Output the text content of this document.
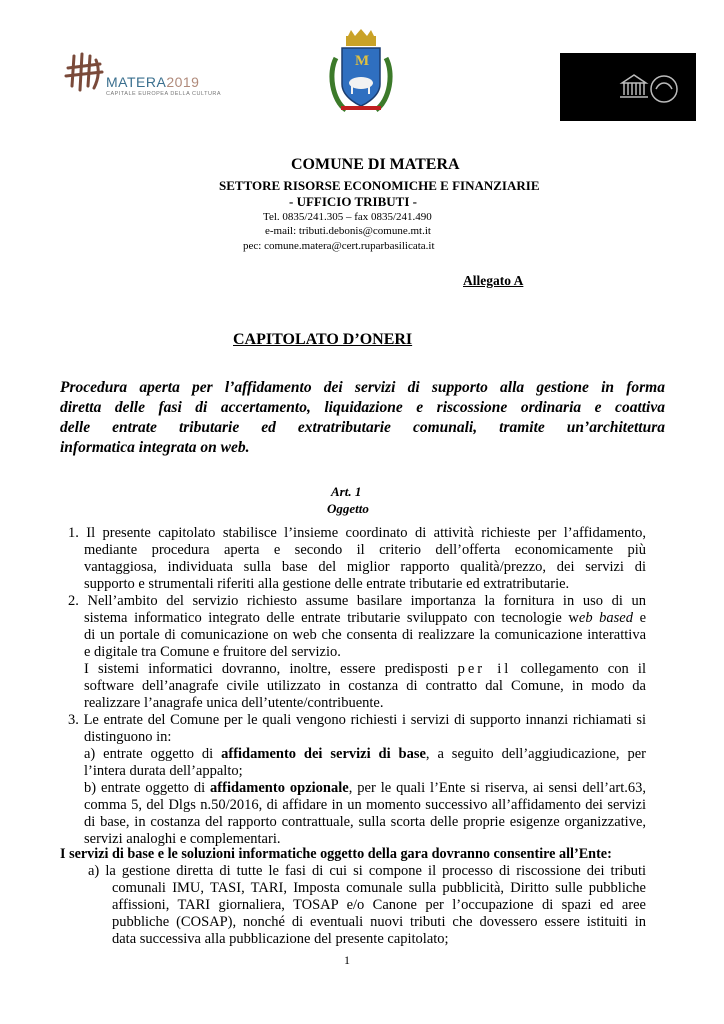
MATERA2019
CAPITALE EUROPEA DELLA CULTURA
M
COMUNE DI MATERA
SETTORE RISORSE ECONOMICHE E FINANZIARIE
- UFFICIO TRIBUTI -
Tel. 0835/241.305 – fax 0835/241.490
e-mail: tributi.debonis@comune.mt.it
pec: comune.matera@cert.ruparbasilicata.it
Allegato A
CAPITOLATO D’ONERI
Procedura aperta per l’affidamento dei servizi di supporto alla gestione in forma
diretta delle fasi di accertamento, liquidazione e riscossione ordinaria e coattiva
delle entrate tributarie ed extratributarie comunali, tramite un’architettura
informatica integrata on web.
Art. 1
Oggetto
1. Il presente capitolato stabilisce l’insieme coordinato di attività richieste per l’affidamento,
mediante procedura aperta e secondo il criterio dell’offerta economicamente più
vantaggiosa, individuata sulla base del miglior rapporto qualità/prezzo, dei servizi di
supporto e strumentali riferiti alla gestione delle entrate tributarie ed extratributarie.
2. Nell’ambito del servizio richiesto assume basilare importanza la fornitura in uso di un
sistema informatico integrato delle entrate tributarie sviluppato con tecnologie web based e
di un portale di comunicazione on web che consenta di realizzare la comunicazione interattiva
e digitale tra Comune e fruitore del servizio.
I sistemi informatici dovranno, inoltre, essere predisposti per il collegamento con il
software dell’anagrafe civile utilizzato in costanza di contratto dal Comune, in modo da
realizzare l’anagrafe unica dell’utente/contribuente.
3. Le entrate del Comune per le quali vengono richiesti i servizi di supporto innanzi richiamati si
distinguono in:
a) entrate oggetto di affidamento dei servizi di base, a seguito dell’aggiudicazione, per
l’intera durata dell’appalto;
b) entrate oggetto di affidamento opzionale, per le quali l’Ente si riserva, ai sensi dell’art.63,
comma 5, del Dlgs n.50/2016, di affidare in un momento successivo all’affidamento dei servizi
di base, in costanza del rapporto contrattuale, sulla scorta delle proprie esigenze organizzative,
servizi analoghi e complementari.
I servizi di base e le soluzioni informatiche oggetto della gara dovranno consentire all’Ente:
a) la gestione diretta di tutte le fasi di cui si compone il processo di riscossione dei tributi
comunali IMU, TASI, TARI, Imposta comunale sulla pubblicità, Diritto sulle pubbliche
affissioni, TARI giornaliera, TOSAP e/o Canone per l’occupazione di spazi ed aree
pubbliche (COSAP), nonché di eventuali nuovi tributi che dovessero essere istituiti in
data successiva alla pubblicazione del presente capitolato;
1
